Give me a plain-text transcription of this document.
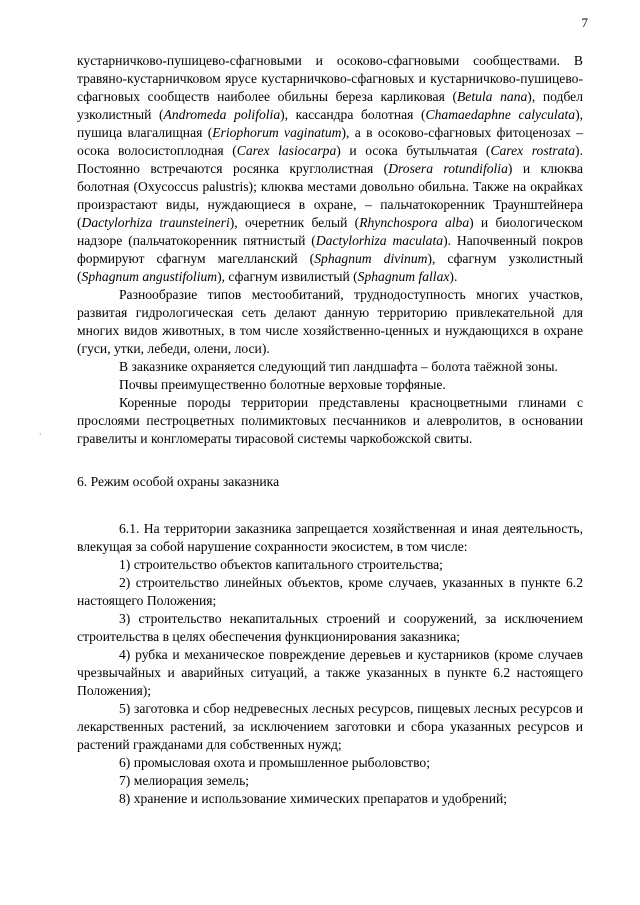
7
,

кустарничково-пушицево-сфагновыми и осоково-сфагновыми сообществами. В травяно-кустарничковом ярусе кустарничково-сфагновых и кустарничково-пушицево-сфагновых сообществ наиболее обильны береза карликовая (Betula nana), подбел узколистный (Andromeda polifolia), кассандра болотная (Chamaedaphne calyculata), пушица влагалищная (Eriophorum vaginatum), а в осоково-сфагновых фитоценозах – осока волосистоплодная (Carex lasiocarpa) и осока бутыльчатая (Carex rostrata). Постоянно встречаются росянка круглолистная (Drosera rotundifolia) и клюква болотная (Oxycoccus palustris); клюква местами довольно обильна. Также на окрайках произрастают виды, нуждающиеся в охране, – пальчатокоренник Траунштейнера (Dactylorhiza traunsteineri), очеретник белый (Rhynchospora alba) и биологическом надзоре (пальчатокоренник пятнистый (Dactylorhiza maculata). Напочвенный покров формируют сфагнум магелланский (Sphagnum divinum), сфагнум узколистный (Sphagnum angustifolium), сфагнум извилистый (Sphagnum fallax).

Разнообразие типов местообитаний, труднодоступность многих участков, развитая гидрологическая сеть делают данную территорию привлекательной для многих видов животных, в том числе хозяйственно-ценных и нуждающихся в охране (гуси, утки, лебеди, олени, лоси).

В заказнике охраняется следующий тип ландшафта – болота таёжной зоны.

Почвы преимущественно болотные верховые торфяные.

Коренные породы территории представлены красноцветными глинами с прослоями пестроцветных полимиктовых песчанников и алевролитов, в основании гравелиты и конгломераты тирасовой системы чаркобожской свиты.

6. Режим особой охраны заказника

6.1. На территории заказника запрещается хозяйственная и иная деятельность, влекущая за собой нарушение сохранности экосистем, в том числе:

1) строительство объектов капитального строительства;

2) строительство линейных объектов, кроме случаев, указанных в пункте 6.2 настоящего Положения;

3) строительство некапитальных строений и сооружений, за исключением строительства в целях обеспечения функционирования заказника;

4) рубка и механическое повреждение деревьев и кустарников (кроме случаев чрезвычайных и аварийных ситуаций, а также указанных в пункте 6.2 настоящего Положения);

5) заготовка и сбор недревесных лесных ресурсов, пищевых лесных ресурсов и лекарственных растений, за исключением заготовки и сбора указанных ресурсов и растений гражданами для собственных нужд;

6) промысловая охота и промышленное рыболовство;

7) мелиорация земель;

8) хранение и использование химических препаратов и удобрений;
